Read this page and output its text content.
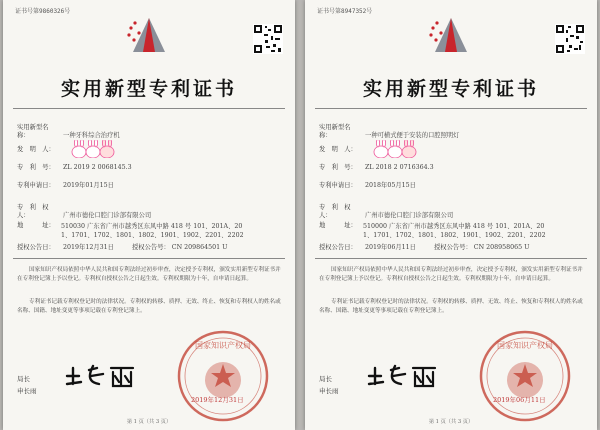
证书号第9860326号
实用新型专利证书
实用新型名称：	一种牙科综合治疗机
发　明　人：
专　利　号： ZL 2019 2 0068145.3
专利申请日： 2019年01月15日
专　利　权　人：	广州市德伦口腔门诊部有限公司
地　　　址： 510030 广东省广州市越秀区东风中路 418 号 101、201A、20
1、1701、1702、1801、1802、1901、1902、2201、2202
授权公告日： 2019年12月31日	授权公告号： CN 209864501 U
国家知识产权局依照中华人民共和国专利法经过初步审查，决定授予专利权，颁发实用新型专利证书并在专利登记簿上予以登记。专利权自授权公告之日起生效。专利权期限为十年，自申请日起算。
专利证书记载专利权登记时的法律状况。专利权的转移、质押、无效、终止、恢复和专利权人的姓名或名称、国籍、地址变更等事项记载在专利登记簿上。
国家知识产权局
2019年12月31日
局长
申长雨
第 1 页（共 3 页）
证书号第8947352号
实用新型专利证书
实用新型名称：	一种可横式便于安装的口腔照明灯
发　明　人：
专　利　号： ZL 2018 2 0716364.3
专利申请日： 2018年05月15日
专　利　权　人：	广州市德伦口腔门诊部有限公司
地　　　址： 510000 广东省广州市越秀区东风中路 418 号 101、201A、20
1、1701、1702、1801、1802、1901、1902、2201、2202
授权公告日： 2019年06月11日	授权公告号： CN 208958065 U
国家知识产权局依照中华人民共和国专利法经过初步审查，决定授予专利权，颁发实用新型专利证书并在专利登记簿上予以登记。专利权自授权公告之日起生效。专利权期限为十年，自申请日起算。
专利证书记载专利权登记时的法律状况。专利权的转移、质押、无效、终止、恢复和专利权人的姓名或名称、国籍、地址变更等事项记载在专利登记簿上。
国家知识产权局
2019年06月11日
局长
申长雨
第 1 页（共 3 页）
